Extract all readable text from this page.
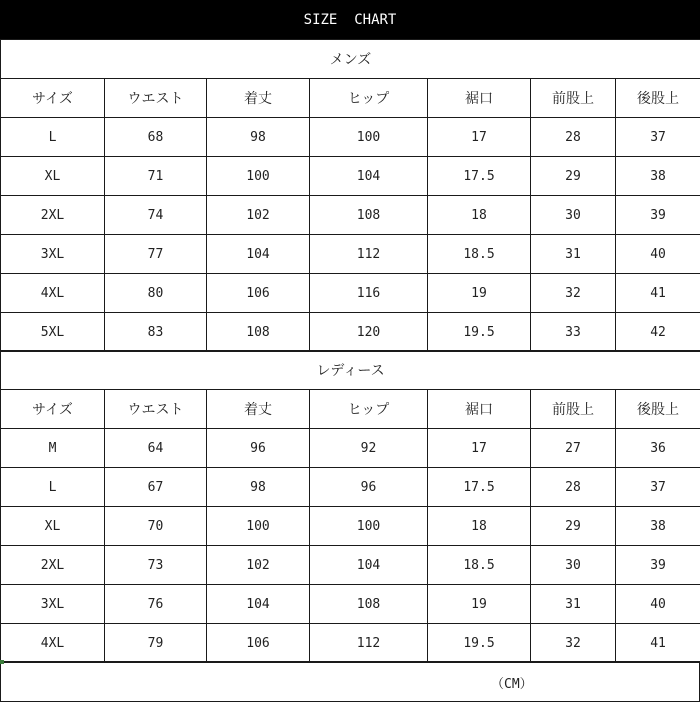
SIZE  CHART
メンズ						
サイズ	ウエスト	着丈	ヒップ	裾口	前股上	後股上
L	68	98	100	17	28	37
XL	71	100	104	17.5	29	38
2XL	74	102	108	18	30	39
3XL	77	104	112	18.5	31	40
4XL	80	106	116	19	32	41
5XL	83	108	120	19.5	33	42
レディース						
サイズ	ウエスト	着丈	ヒップ	裾口	前股上	後股上
M	64	96	92	17	27	36
L	67	98	96	17.5	28	37
XL	70	100	100	18	29	38
2XL	73	102	104	18.5	30	39
3XL	76	104	108	19	31	40
4XL	79	106	112	19.5	32	41
（CM）
